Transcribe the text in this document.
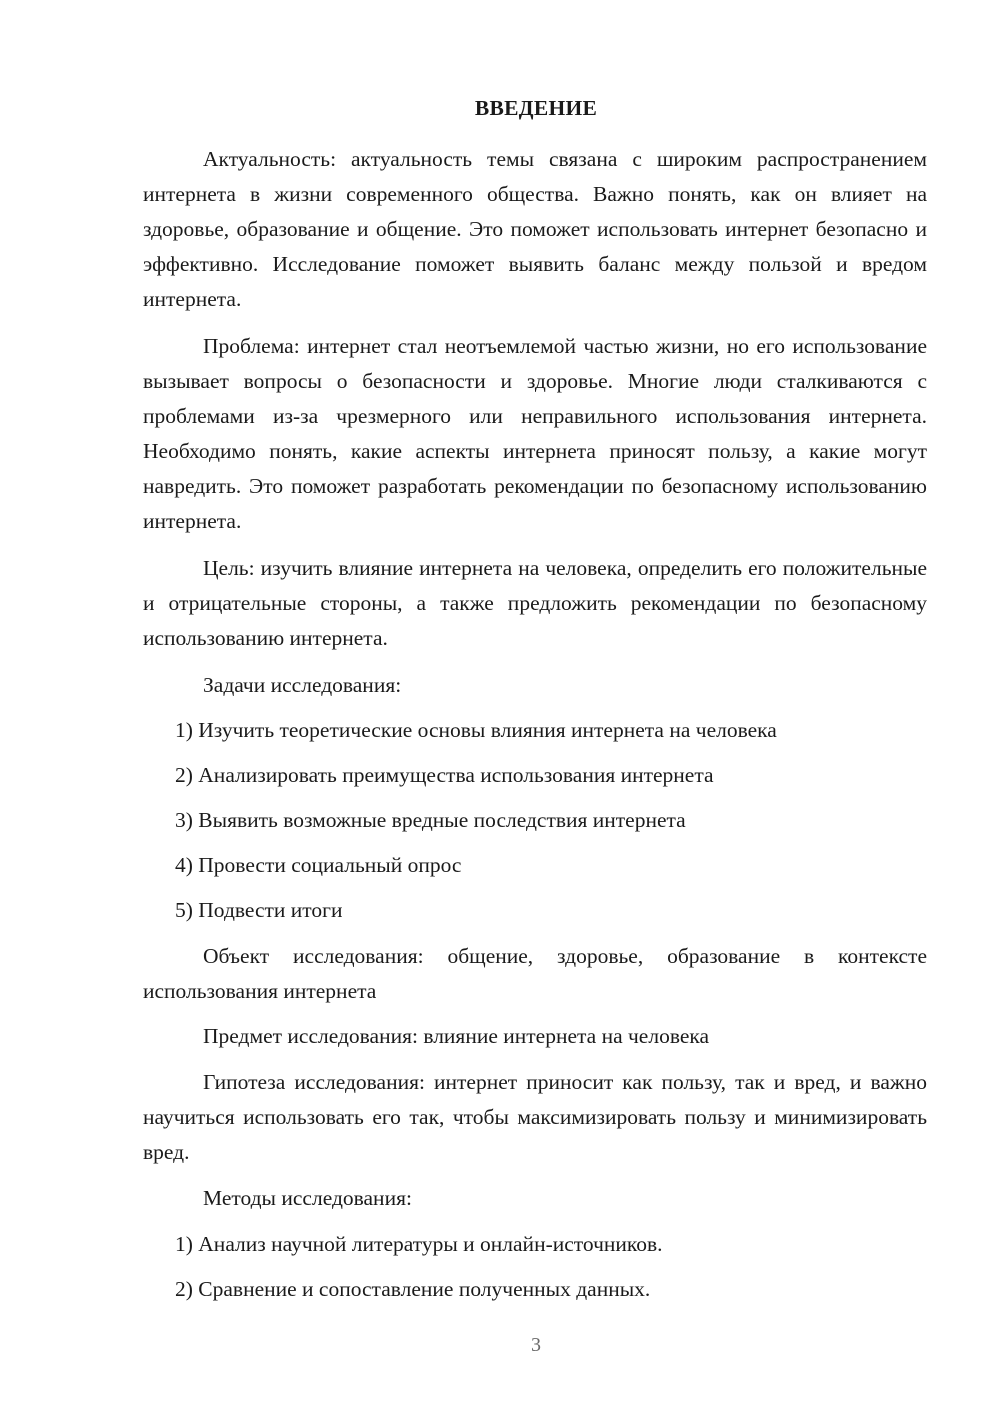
ВВЕДЕНИЕ

Актуальность: актуальность темы связана с широким распространением интернета в жизни современного общества. Важно понять, как он влияет на здоровье, образование и общение. Это поможет использовать интернет безопасно и эффективно. Исследование поможет выявить баланс между пользой и вредом интернета.

Проблема: интернет стал неотъемлемой частью жизни, но его использование вызывает вопросы о безопасности и здоровье. Многие люди сталкиваются с проблемами из-за чрезмерного или неправильного использования интернета. Необходимо понять, какие аспекты интернета приносят пользу, а какие могут навредить. Это поможет разработать рекомендации по безопасному использованию интернета.

Цель: изучить влияние интернета на человека, определить его положительные и отрицательные стороны, а также предложить рекомендации по безопасному использованию интернета.

Задачи исследования:

1) Изучить теоретические основы влияния интернета на человека

2) Анализировать преимущества использования интернета

3) Выявить возможные вредные последствия интернета

4) Провести социальный опрос

5) Подвести итоги

Объект исследования: общение, здоровье, образование в контексте использования интернета

Предмет исследования: влияние интернета на человека

Гипотеза исследования: интернет приносит как пользу, так и вред, и важно научиться использовать его так, чтобы максимизировать пользу и минимизировать вред.

Методы исследования:

1) Анализ научной литературы и онлайн-источников.

2) Сравнение и сопоставление полученных данных.

3
